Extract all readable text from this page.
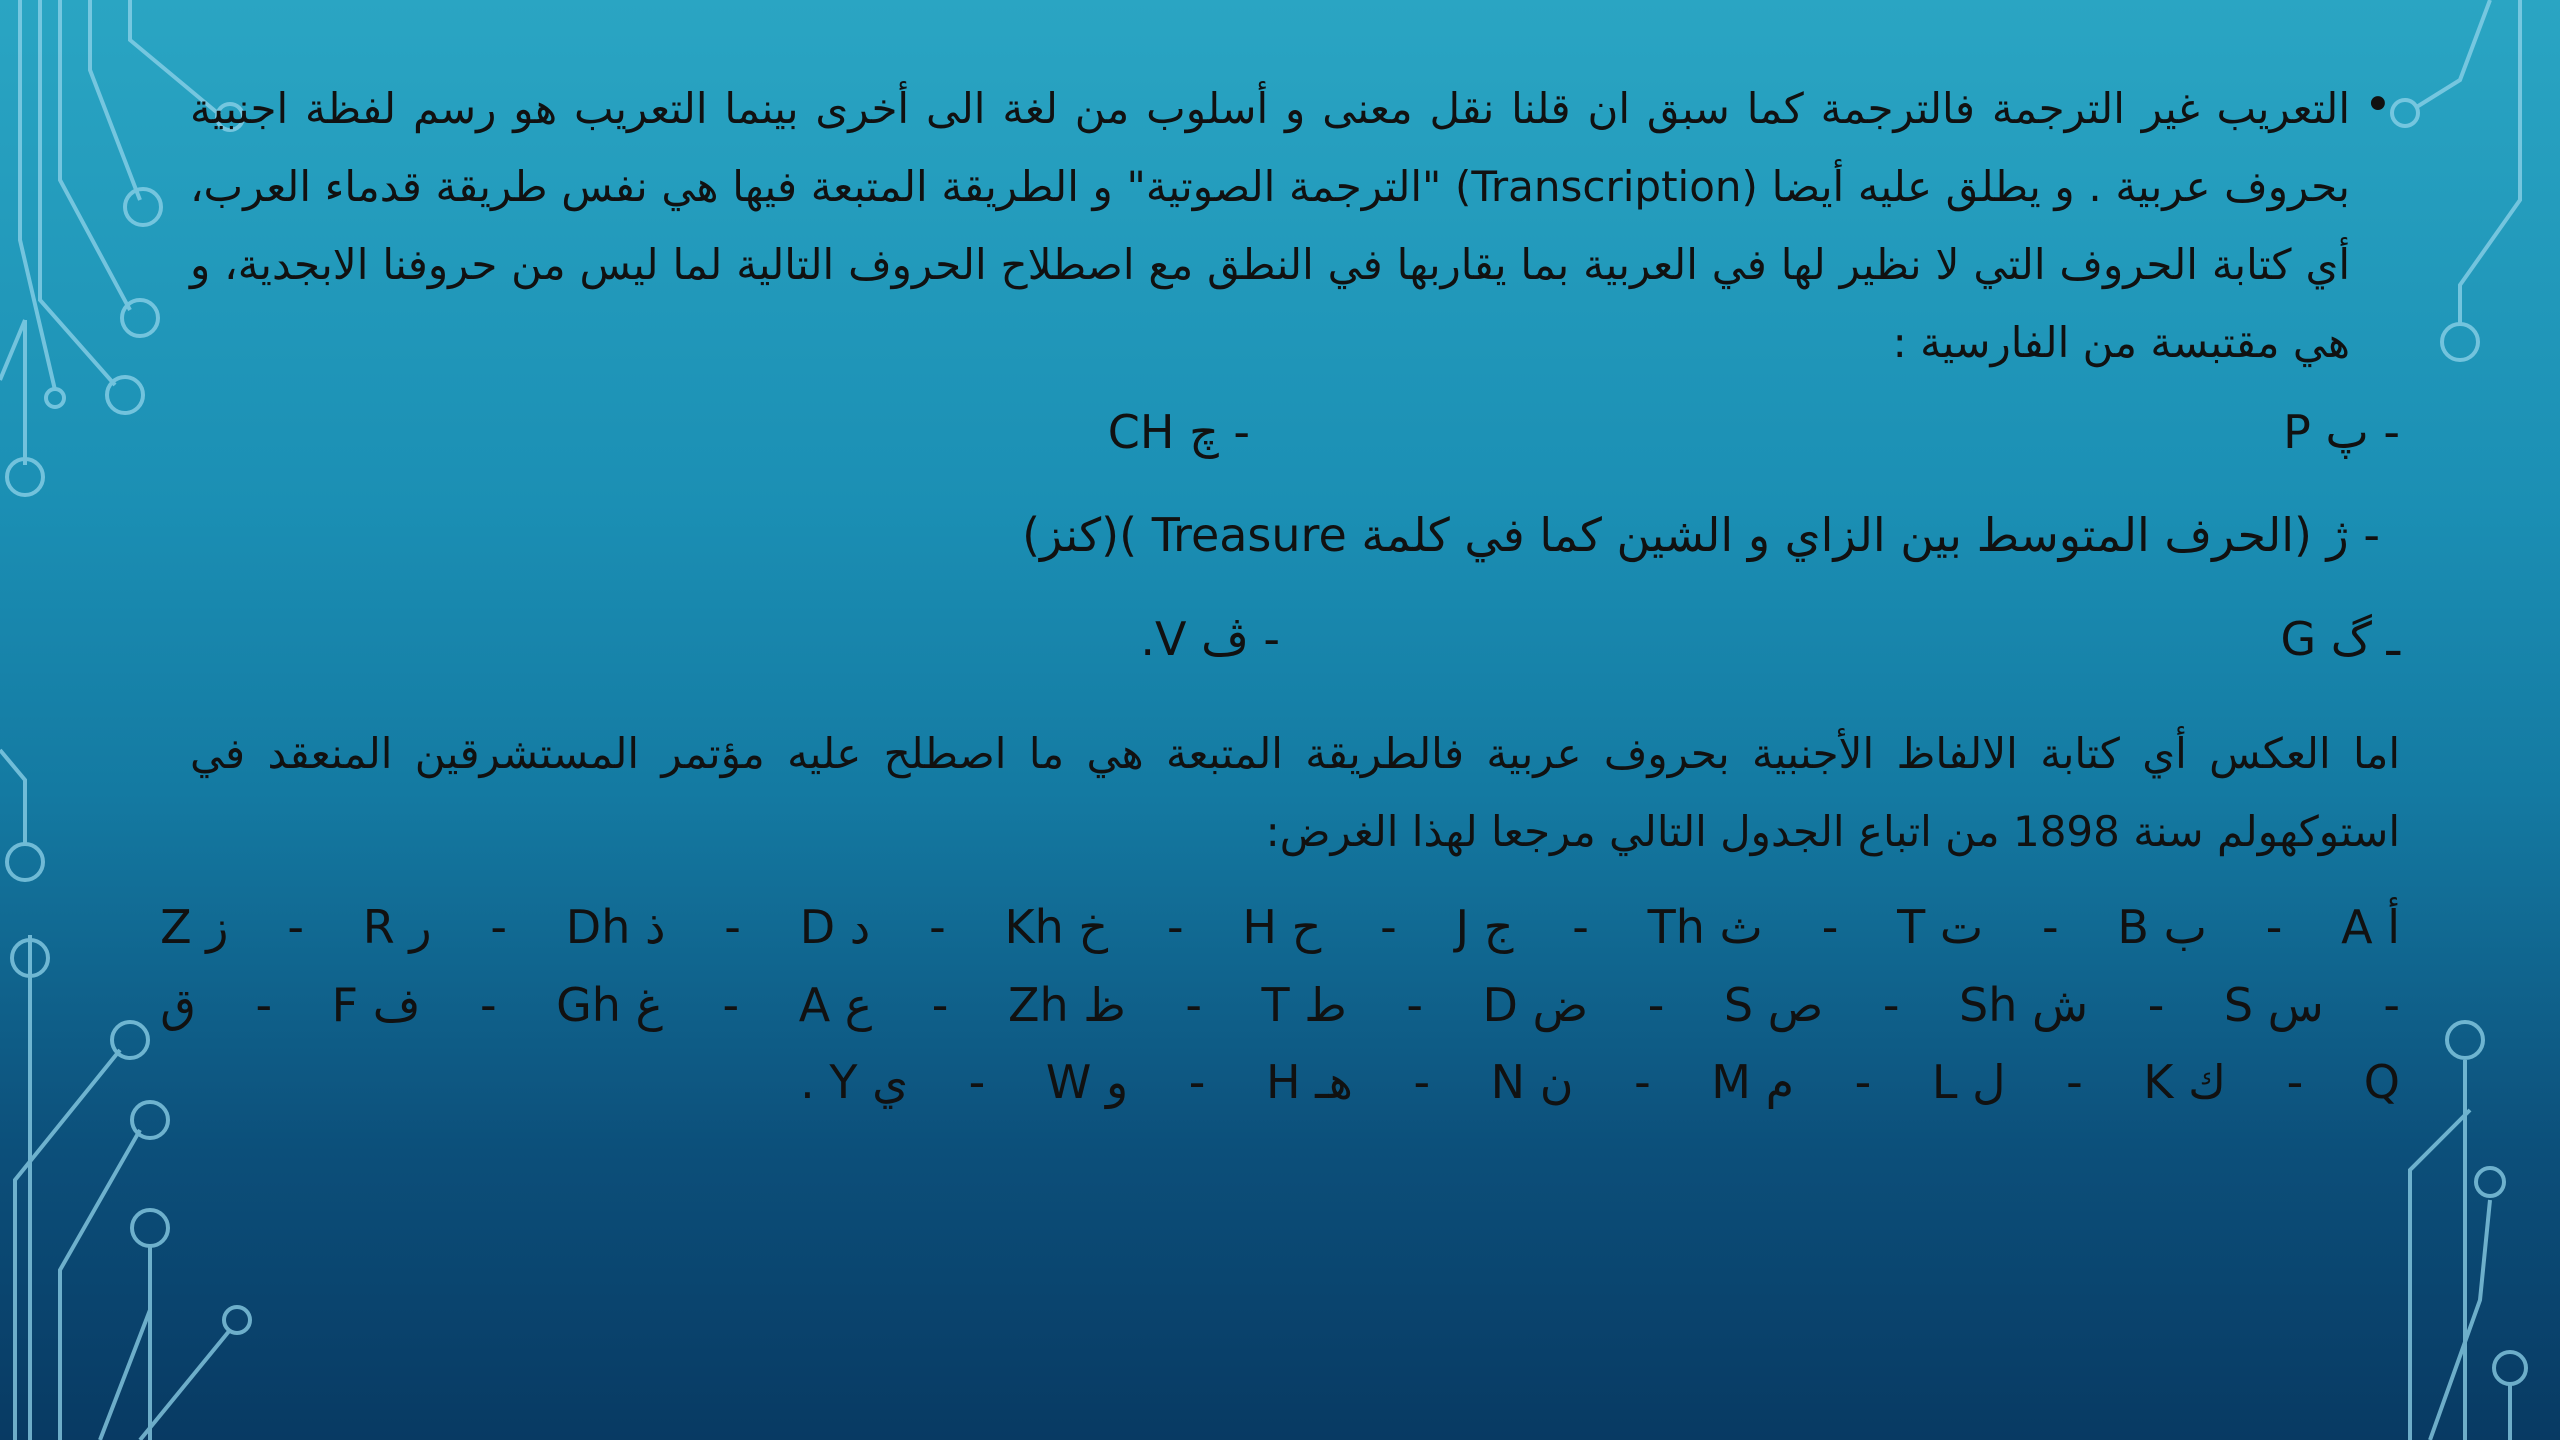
•
التعريب غير الترجمة فالترجمة كما سبق ان قلنا نقل معنى و أسلوب من لغة الى أخرى بينما التعريب هو رسم لفظة اجنبية بحروف عربية . و يطلق عليه أيضا (Transcription) "الترجمة الصوتية" و الطريقة المتبعة فيها هي نفس طريقة قدماء العرب، أي كتابة الحروف التي لا نظير لها في العربية بما يقاربها في النطق مع اصطلاح الحروف التالية لما ليس من حروفنا الابجدية، و هي مقتبسة من الفارسية :
- پ P
- چ CH
- ژ (الحرف المتوسط بين الزاي و الشين كما في كلمة Treasure )(كنز)
ـ گ G
- ڤ V.
اما العكس أي كتابة الالفاظ الأجنبية بحروف عربية فالطريقة المتبعة هي ما اصطلح عليه مؤتمر المستشرقين المنعقد في استوكهولم سنة 1898 من اتباع الجدول التالي مرجعا لهذا الغرض:
أ A
-
ب B
-
ت T
-
ث Th
-
ج J
-
ح H
-
خ Kh
-
د D
-
ذ Dh
-
ر R
-
ز Z
-
س S
-
ش Sh
-
ص S
-
ض D
-
ط T
-
ظ Zh
-
ع A
-
غ Gh
-
ف F
-
ق
Q
-
ك K
-
ل L
-
م M
-
ن N
-
هـ H
-
و W
-
ي Y .
